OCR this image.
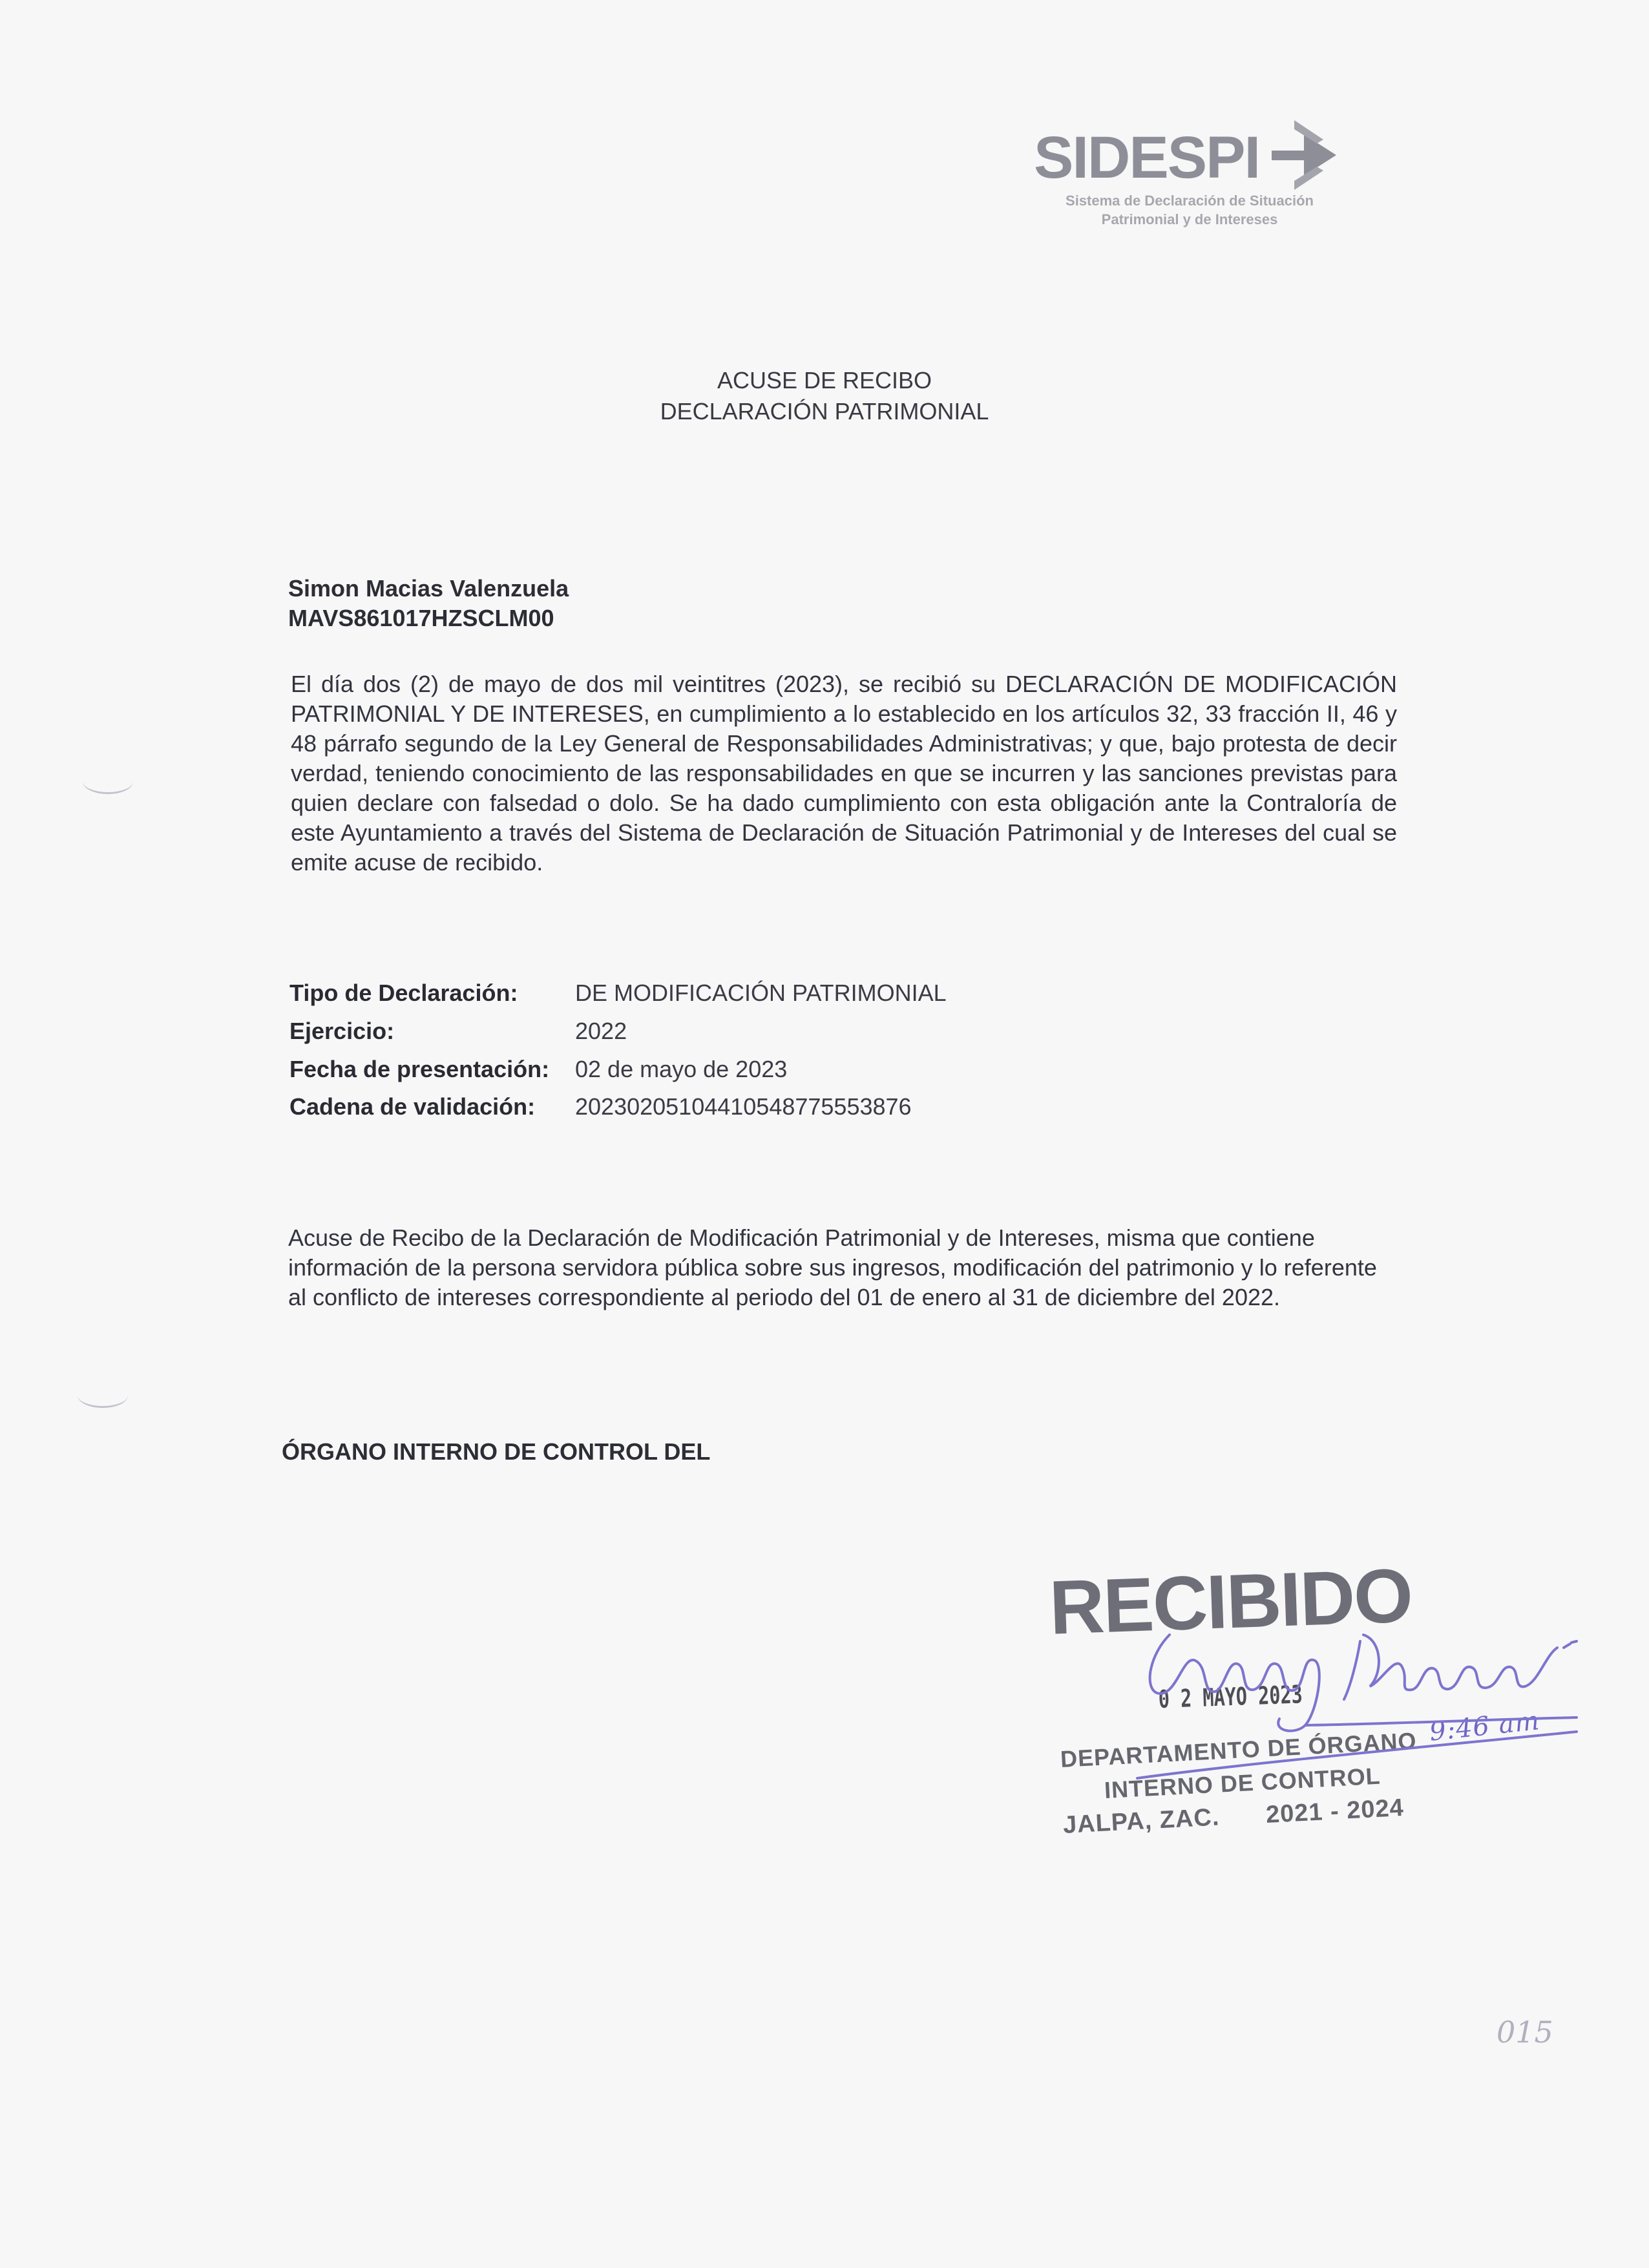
SIDESPI
Sistema de Declaración de Situación
Patrimonial y de Intereses
ACUSE DE RECIBO
DECLARACIÓN PATRIMONIAL
Simon Macias Valenzuela
MAVS861017HZSCLM00
El día dos (2) de mayo de dos mil veintitres (2023), se recibió su DECLARACIÓN DE MODIFICACIÓN PATRIMONIAL Y DE INTERESES, en cumplimiento a lo establecido en los artículos 32, 33 fracción II, 46 y 48 párrafo segundo de la Ley General de Responsabilidades Administrativas; y que, bajo protesta de decir verdad, teniendo conocimiento de las responsabilidades en que se incurren y las sanciones previstas para quien declare con falsedad o dolo. Se ha dado cumplimiento con esta obligación ante la Contraloría de este Ayuntamiento a través del Sistema de Declaración de Situación Patrimonial y de Intereses del cual se emite acuse de recibido.
Tipo de Declaración: DE MODIFICACIÓN PATRIMONIAL
Ejercicio:	2022
Fecha de presentación: 02 de mayo de 2023
Cadena de validación: 20230205104410548775553876
Acuse de Recibo de la Declaración de Modificación Patrimonial y de Intereses, misma que contiene información de la persona servidora pública sobre sus ingresos, modificación del patrimonio y lo referente al conflicto de intereses correspondiente al periodo del 01 de enero al 31 de diciembre del 2022.
ÓRGANO INTERNO DE CONTROL DEL
RECIBIDO
0 2 MAYO 2023
DEPARTAMENTO DE ÓRGANO
INTERNO DE CONTROL
JALPA, ZAC. 2021 - 2024
9:46 am
015
